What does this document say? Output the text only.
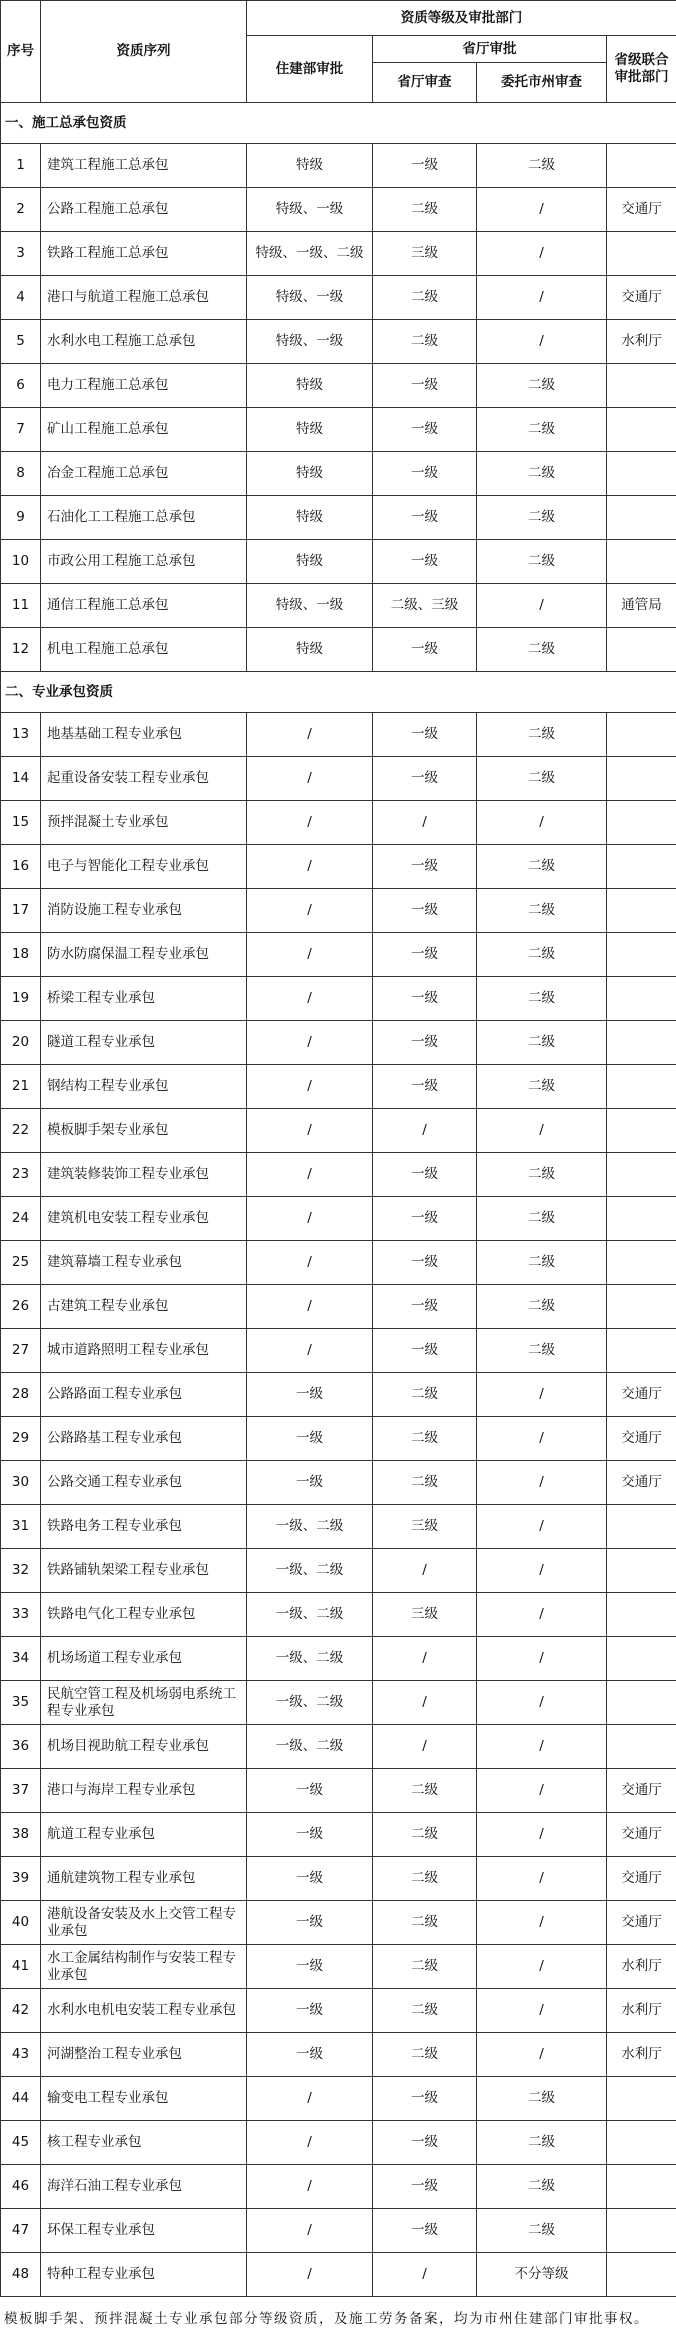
序号	资质序列	资质等级及审批部门			
		住建部审批	省厅审批		省级联合审批部门
			省厅审查	委托市州审查	
一、施工总承包资质					
1	建筑工程施工总承包	特级	一级	二级	
2	公路工程施工总承包	特级、一级	二级	/	交通厅
3	铁路工程施工总承包	特级、一级、二级	三级	/	
4	港口与航道工程施工总承包	特级、一级	二级	/	交通厅
5	水利水电工程施工总承包	特级、一级	二级	/	水利厅
6	电力工程施工总承包	特级	一级	二级	
7	矿山工程施工总承包	特级	一级	二级	
8	冶金工程施工总承包	特级	一级	二级	
9	石油化工工程施工总承包	特级	一级	二级	
10	市政公用工程施工总承包	特级	一级	二级	
11	通信工程施工总承包	特级、一级	二级、三级	/	通管局
12	机电工程施工总承包	特级	一级	二级	
二、专业承包资质					
13	地基基础工程专业承包	/	一级	二级	
14	起重设备安装工程专业承包	/	一级	二级	
15	预拌混凝土专业承包	/	/	/	
16	电子与智能化工程专业承包	/	一级	二级	
17	消防设施工程专业承包	/	一级	二级	
18	防水防腐保温工程专业承包	/	一级	二级	
19	桥梁工程专业承包	/	一级	二级	
20	隧道工程专业承包	/	一级	二级	
21	钢结构工程专业承包	/	一级	二级	
22	模板脚手架专业承包	/	/	/	
23	建筑装修装饰工程专业承包	/	一级	二级	
24	建筑机电安装工程专业承包	/	一级	二级	
25	建筑幕墙工程专业承包	/	一级	二级	
26	古建筑工程专业承包	/	一级	二级	
27	城市道路照明工程专业承包	/	一级	二级	
28	公路路面工程专业承包	一级	二级	/	交通厅
29	公路路基工程专业承包	一级	二级	/	交通厅
30	公路交通工程专业承包	一级	二级	/	交通厅
31	铁路电务工程专业承包	一级、二级	三级	/	
32	铁路铺轨架梁工程专业承包	一级、二级	/	/	
33	铁路电气化工程专业承包	一级、二级	三级	/	
34	机场场道工程专业承包	一级、二级	/	/	
35	民航空管工程及机场弱电系统工程专业承包	一级、二级	/	/	
36	机场目视助航工程专业承包	一级、二级	/	/	
37	港口与海岸工程专业承包	一级	二级	/	交通厅
38	航道工程专业承包	一级	二级	/	交通厅
39	通航建筑物工程专业承包	一级	二级	/	交通厅
40	港航设备安装及水上交管工程专业承包	一级	二级	/	交通厅
41	水工金属结构制作与安装工程专业承包	一级	二级	/	水利厅
42	水利水电机电安装工程专业承包	一级	二级	/	水利厅
43	河湖整治工程专业承包	一级	二级	/	水利厅
44	输变电工程专业承包	/	一级	二级	
45	核工程专业承包	/	一级	二级	
46	海洋石油工程专业承包	/	一级	二级	
47	环保工程专业承包	/	一级	二级	
48	特种工程专业承包	/	/	不分等级	
模板脚手架、预拌混凝土专业承包部分等级资质，及施工劳务备案，均为市州住建部门审批事权。
